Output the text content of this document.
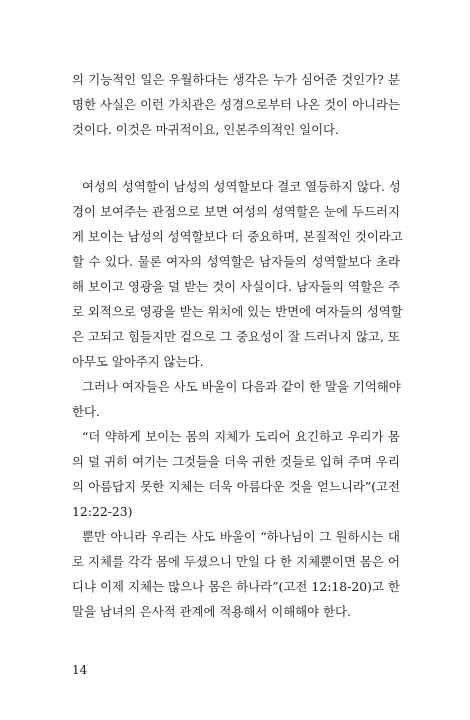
의 기능적인 일은 우월하다는 생각은 누가 심어준 것인가? 분
명한 사실은 이런 가치관은 성경으로부터 나온 것이 아니라는
것이다. 이것은 마귀적이요, 인본주의적인 일이다.
여성의 성역할이 남성의 성역할보다 결코 열등하지 않다. 성
경이 보여주는 관점으로 보면 여성의 성역할은 눈에 두드러지
게 보이는 남성의 성역할보다 더 중요하며, 본질적인 것이라고
할 수 있다. 물론 여자의 성역할은 남자들의 성역할보다 초라
해 보이고 영광을 덜 받는 것이 사실이다. 남자들의 역할은 주
로 외적으로 영광을 받는 위치에 있는 반면에 여자들의 성역할
은 고되고 힘들지만 겉으로 그 중요성이 잘 드러나지 않고, 또
아무도 알아주지 않는다.
그러나 여자들은 사도 바울이 다음과 같이 한 말을 기억해야
한다.
“더 약하게 보이는 몸의 지체가 도리어 요긴하고 우리가 몸
의 덜 귀히 여기는 그것들을 더욱 귀한 것들로 입혀 주며 우리
의 아름답지 못한 지체는 더욱 아름다운 것을 얻느니라”(고전
12:22-23)
뿐만 아니라 우리는 사도 바울이 “하나님이 그 원하시는 대
로 지체를 각각 몸에 두셨으니 만일 다 한 지체뿐이면 몸은 어
디냐 이제 지체는 많으나 몸은 하나라”(고전 12:18-20)고 한
말을 남녀의 은사적 관계에 적용해서 이해해야 한다.
14
